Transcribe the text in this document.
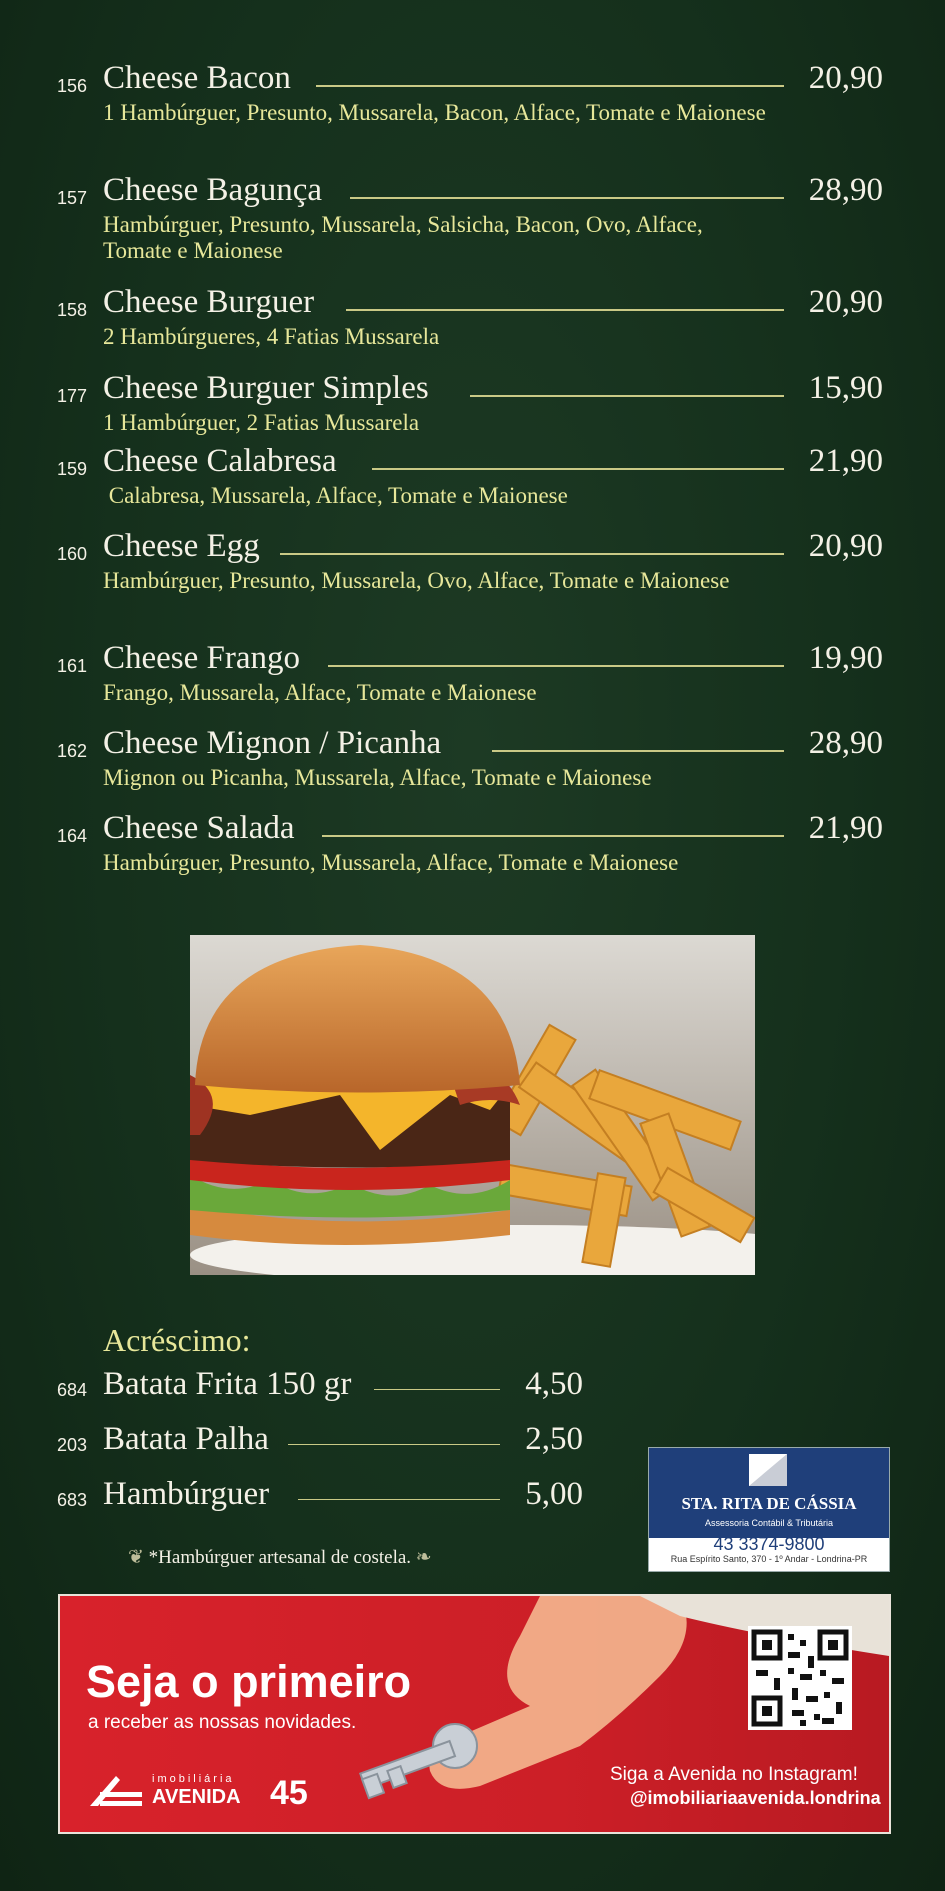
156 Cheese Bacon	20,90
1 Hambúrguer, Presunto, Mussarela, Bacon, Alface, Tomate e Maionese
157 Cheese Bagunça	28,90
Hambúrguer, Presunto, Mussarela, Salsicha, Bacon, Ovo, Alface, Tomate e Maionese
158 Cheese Burguer	20,90
2 Hambúrgueres, 4 Fatias Mussarela
177 Cheese Burguer Simples	15,90
1 Hambúrguer, 2 Fatias Mussarela
159 Cheese Calabresa	21,90
Calabresa, Mussarela, Alface, Tomate e Maionese
160 Cheese Egg	20,90
Hambúrguer, Presunto, Mussarela, Ovo, Alface, Tomate e Maionese
161 Cheese Frango	19,90
Frango, Mussarela, Alface, Tomate e Maionese
162 Cheese Mignon / Picanha	28,90
Mignon ou Picanha, Mussarela, Alface, Tomate e Maionese
164 Cheese Salada	21,90
Hambúrguer, Presunto, Mussarela, Alface, Tomate e Maionese
Acréscimo:
684 Batata Frita 150 gr	4,50
203 Batata Palha	2,50
683 Hambúrguer	5,00
❦ *Hambúrguer artesanal de costela. ❧
STA. RITA DE CÁSSIA
Assessoria Contábil & Tributária
43 3374-9800
Rua Espírito Santo, 370 - 1º Andar - Londrina-PR
Seja o primeiro
a receber as nossas novidades.
imobiliária
AVENIDA 45	Siga a Avenida no Instagram!
@imobiliariaavenida.londrina
